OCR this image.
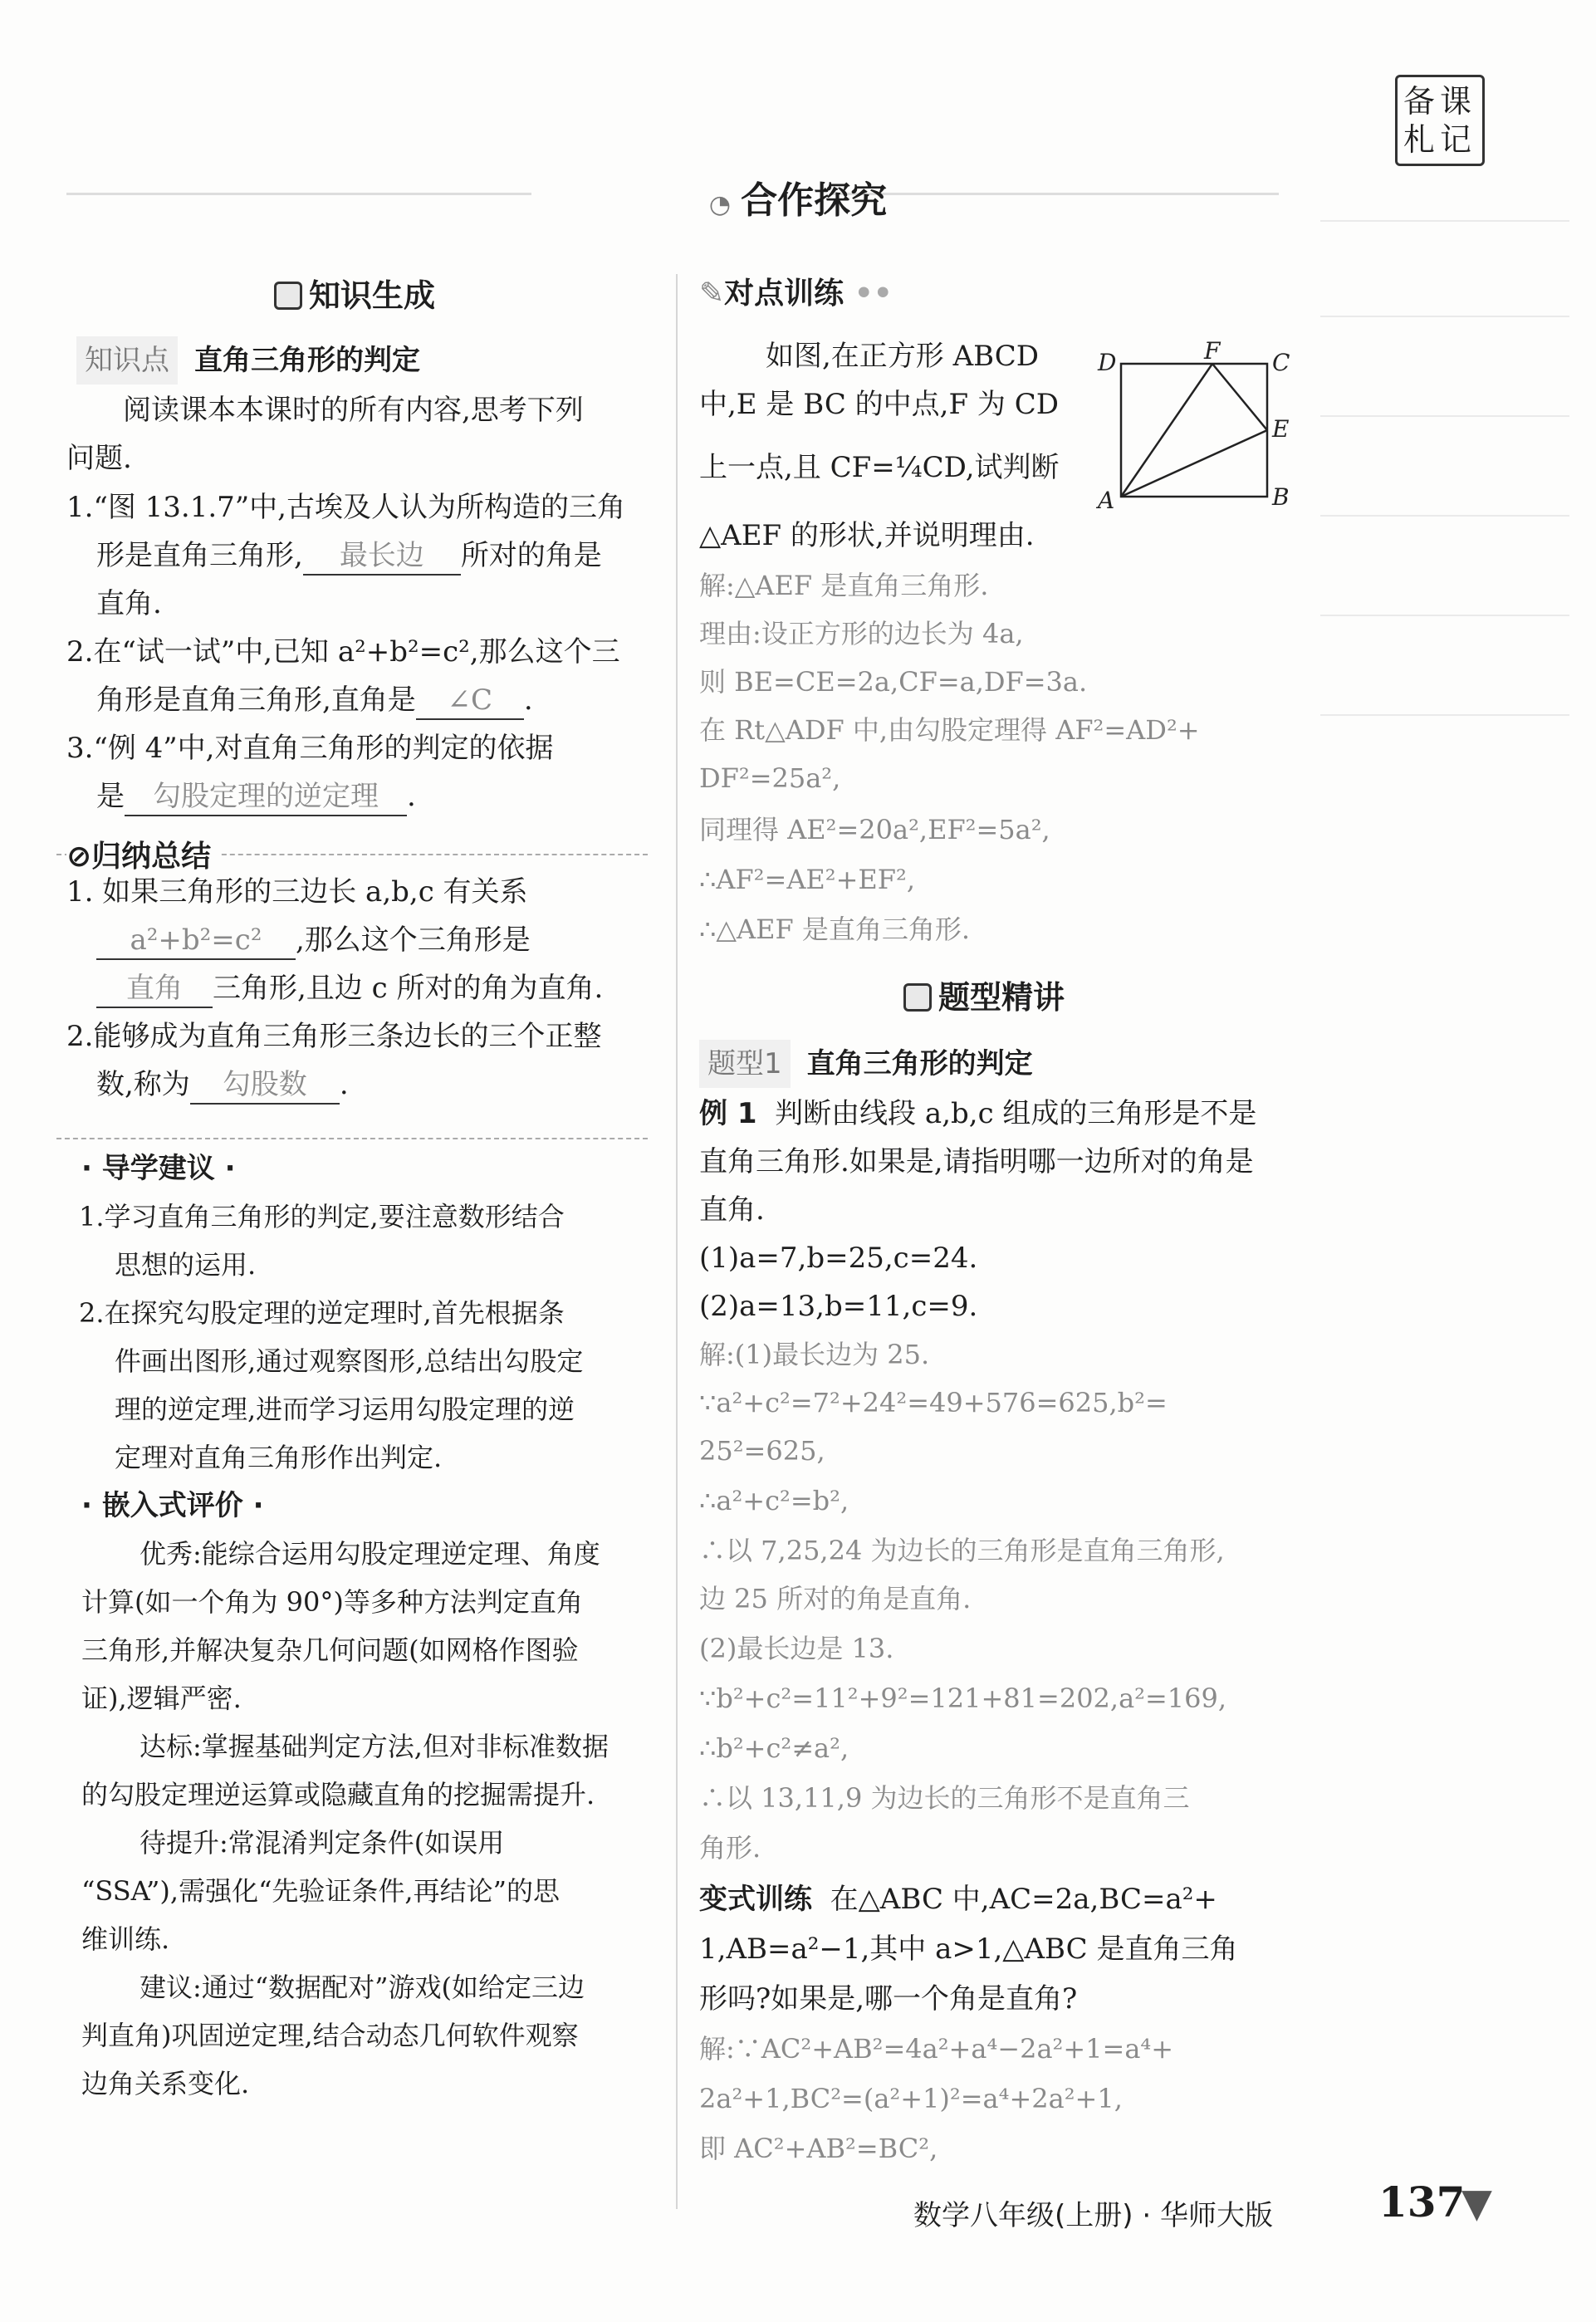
备课札记
◔ 合作探究
知识生成
知识点 直角三角形的判定
阅读课本本课时的所有内容,思考下列
问题.
1.“图 13.1.7”中,古埃及人认为所构造的三角
形是直角三角形, 最长边 所对的角是
直角.
2.在“试一试”中,已知 a²+b²=c²,那么这个三
角形是直角三角形,直角是 ∠C .
3.“例 4”中,对直角三角形的判定的依据
是 勾股定理的逆定理 .
⊘归纳总结
1. 如果三角形的三边长 a,b,c 有关系
a²+b²=c² ,那么这个三角形是
直角 三角形,且边 c 所对的角为直角.
2.能够成为直角三角形三条边长的三个正整
数,称为 勾股数 .
· 导学建议 ·
1.学习直角三角形的判定,要注意数形结合
思想的运用.
2.在探究勾股定理的逆定理时,首先根据条
件画出图形,通过观察图形,总结出勾股定
理的逆定理,进而学习运用勾股定理的逆
定理对直角三角形作出判定.
· 嵌入式评价 ·
优秀:能综合运用勾股定理逆定理、角度
计算(如一个角为 90°)等多种方法判定直角
三角形,并解决复杂几何问题(如网格作图验
证),逻辑严密.
达标:掌握基础判定方法,但对非标准数据
的勾股定理逆运算或隐藏直角的挖掘需提升.
待提升:常混淆判定条件(如误用
“SSA”),需强化“先验证条件,再结论”的思
维训练.
建议:通过“数据配对”游戏(如给定三边
判直角)巩固逆定理,结合动态几何软件观察
边角关系变化.
✎对点训练 ••
如图,在正方形 ABCD
中,E 是 BC 的中点,F 为 CD
上一点,且 CF=¼CD,试判断
△AEF 的形状,并说明理由.
D	F C
E
A	B
解:△AEF 是直角三角形.
理由:设正方形的边长为 4a,
则 BE=CE=2a,CF=a,DF=3a.
在 Rt△ADF 中,由勾股定理得 AF²=AD²+
DF²=25a²,
同理得 AE²=20a²,EF²=5a²,
∴AF²=AE²+EF²,
∴△AEF 是直角三角形.
题型精讲
题型1 直角三角形的判定
例 1 判断由线段 a,b,c 组成的三角形是不是
直角三角形.如果是,请指明哪一边所对的角是
直角.
(1)a=7,b=25,c=24.
(2)a=13,b=11,c=9.
解:(1)最长边为 25.
∵a²+c²=7²+24²=49+576=625,b²=
25²=625,
∴a²+c²=b²,
∴以 7,25,24 为边长的三角形是直角三角形,
边 25 所对的角是直角.
(2)最长边是 13.
∵b²+c²=11²+9²=121+81=202,a²=169,
∴b²+c²≠a²,
∴以 13,11,9 为边长的三角形不是直角三
角形.
变式训练 在△ABC 中,AC=2a,BC=a²+
1,AB=a²−1,其中 a>1,△ABC 是直角三角
形吗?如果是,哪一个角是直角?
解:∵AC²+AB²=4a²+a⁴−2a²+1=a⁴+
2a²+1,BC²=(a²+1)²=a⁴+2a²+1,
即 AC²+AB²=BC²,
数学八年级(上册) · 华师大版	137
▼
